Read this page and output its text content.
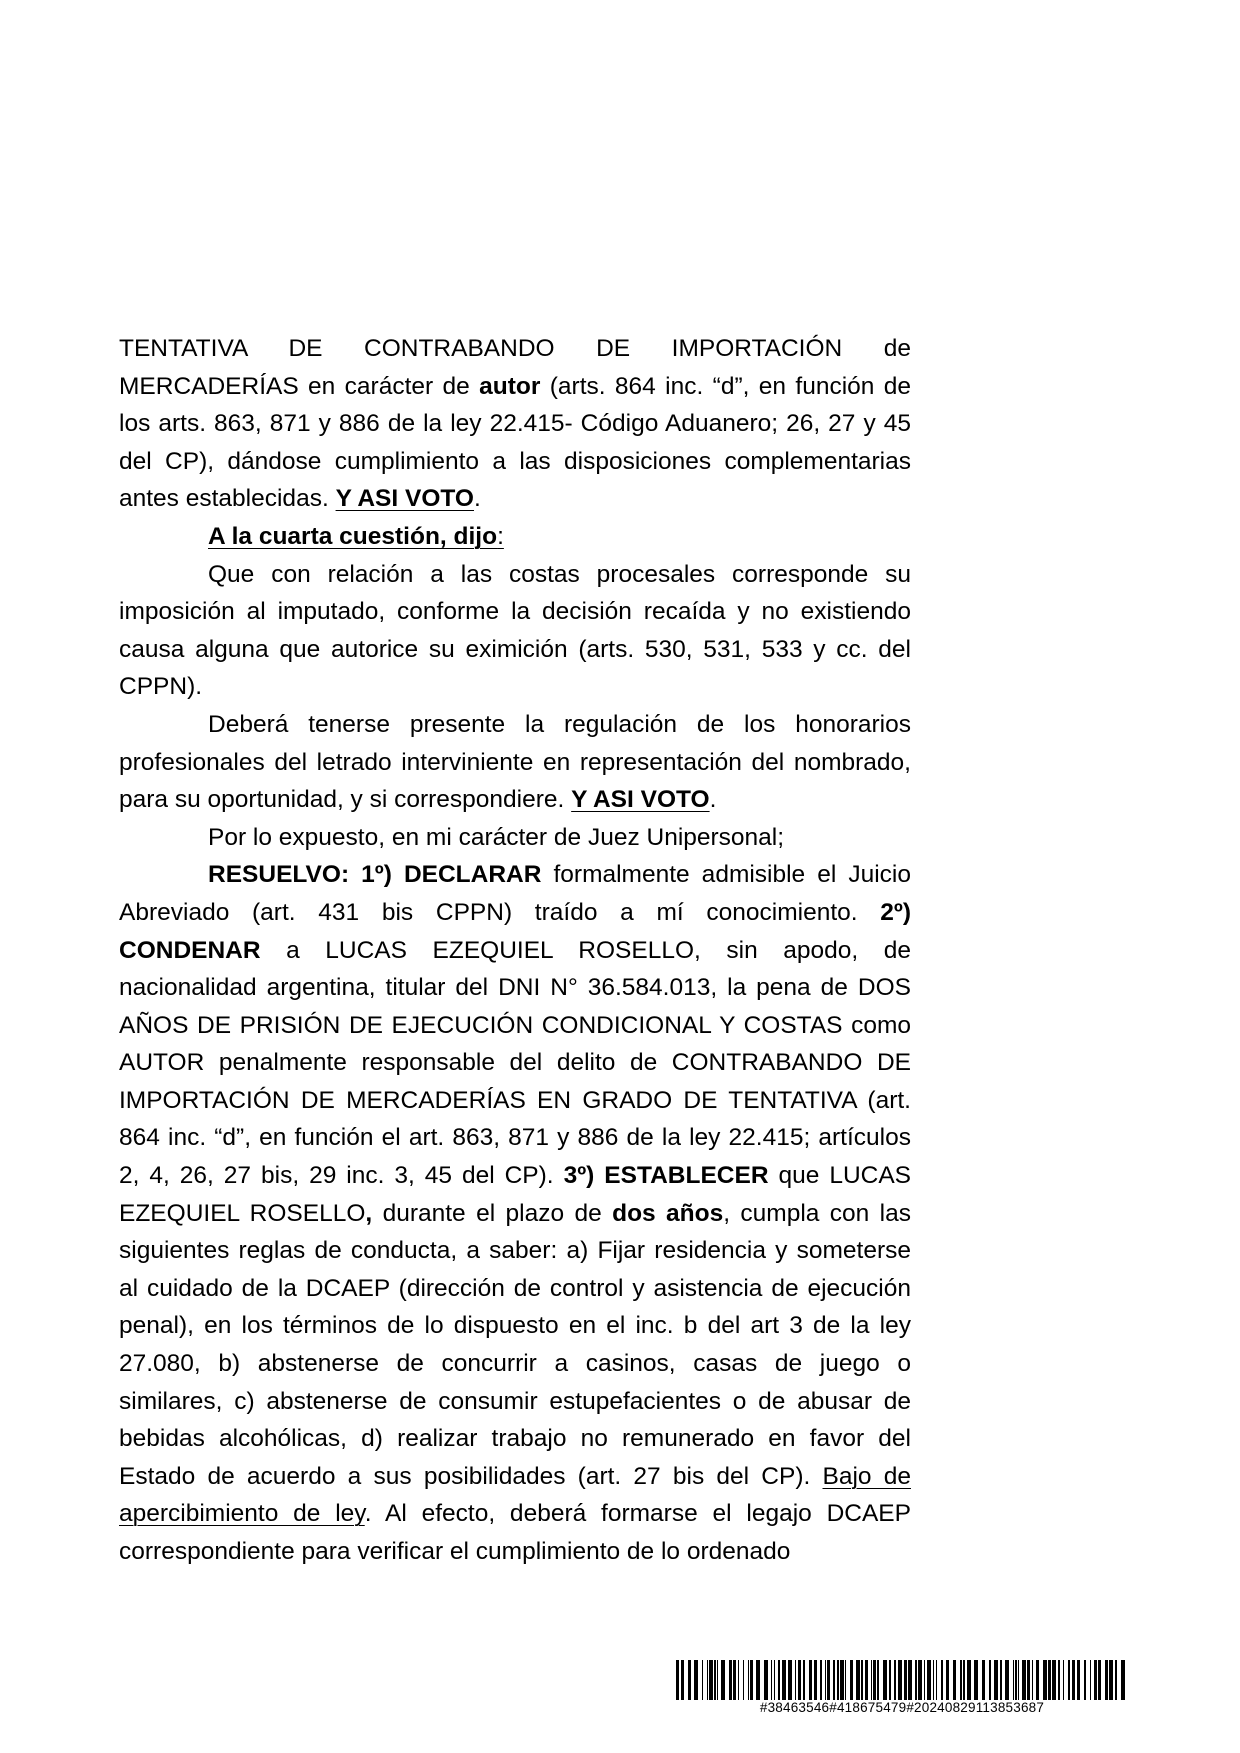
TENTATIVA DE CONTRABANDO DE IMPORTACIÓN de MERCADERÍAS en carácter de autor (arts. 864 inc. “d”, en función de los arts. 863, 871 y 886 de la ley 22.415- Código Aduanero; 26, 27 y 45 del CP), dándose cumplimiento a las disposiciones complementarias antes establecidas. Y ASI VOTO.

A la cuarta cuestión, dijo:

Que con relación a las costas procesales corresponde su imposición al imputado, conforme la decisión recaída y no existiendo causa alguna que autorice su eximición (arts. 530, 531, 533 y cc. del CPPN).

Deberá tenerse presente la regulación de los honorarios profesionales del letrado interviniente en representación del nombrado, para su oportunidad, y si correspondiere. Y ASI VOTO.

Por lo expuesto, en mi carácter de Juez Unipersonal;

RESUELVO: 1º) DECLARAR formalmente admisible el Juicio Abreviado (art. 431 bis CPPN) traído a mí conocimiento. 2º) CONDENAR a LUCAS EZEQUIEL ROSELLO, sin apodo, de nacionalidad argentina, titular del DNI N° 36.584.013, la pena de DOS AÑOS DE PRISIÓN DE EJECUCIÓN CONDICIONAL Y COSTAS como AUTOR penalmente responsable del delito de CONTRABANDO DE IMPORTACIÓN DE MERCADERÍAS EN GRADO DE TENTATIVA (art. 864 inc. “d”, en función el art. 863, 871 y 886 de la ley 22.415; artículos 2, 4, 26, 27 bis, 29 inc. 3, 45 del CP). 3º) ESTABLECER que LUCAS EZEQUIEL ROSELLO, durante el plazo de dos años, cumpla con las siguientes reglas de conducta, a saber: a) Fijar residencia y someterse al cuidado de la DCAEP (dirección de control y asistencia de ejecución penal), en los términos de lo dispuesto en el inc. b del art 3 de la ley 27.080, b) abstenerse de concurrir a casinos, casas de juego o similares, c) abstenerse de consumir estupefacientes o de abusar de bebidas alcohólicas, d) realizar trabajo no remunerado en favor del Estado de acuerdo a sus posibilidades (art. 27 bis del CP). Bajo de apercibimiento de ley. Al efecto, deberá formarse el legajo DCAEP correspondiente para verificar el cumplimiento de lo ordenado

#38463546#418675479#20240829113853687
